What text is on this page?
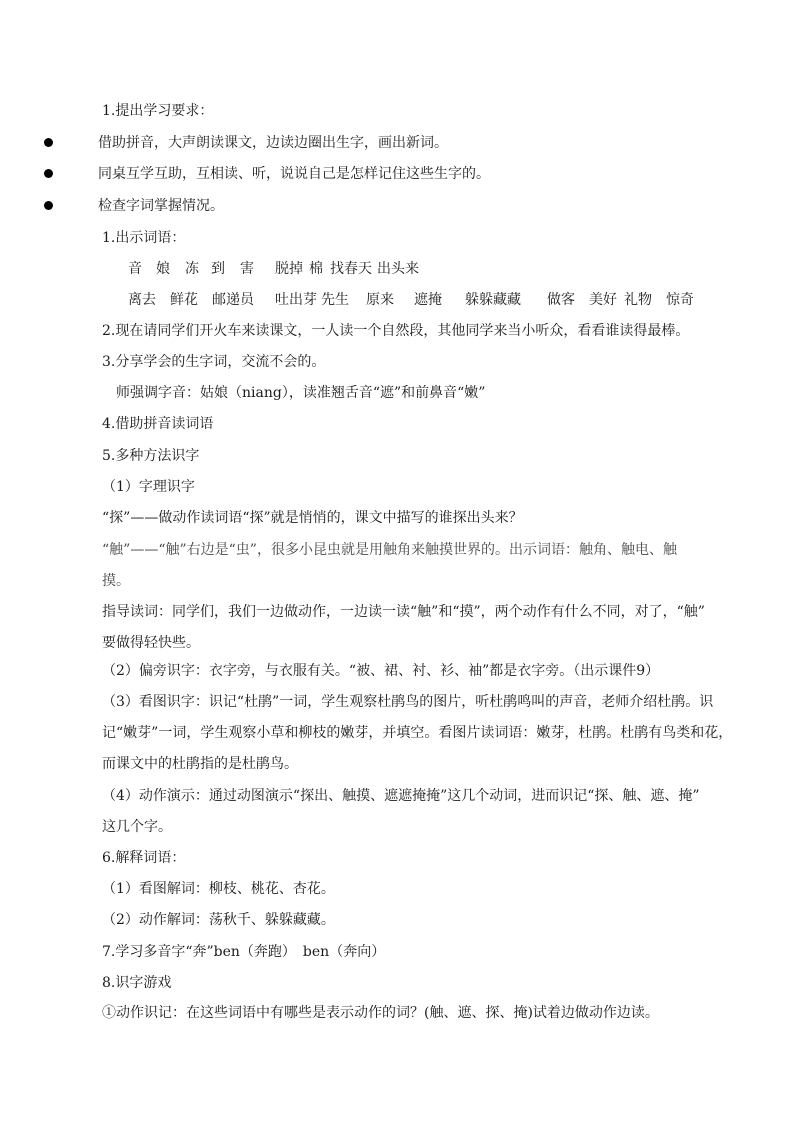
1.提出学习要求：
借助拼音，大声朗读课文，边读边圈出生字，画出新词。
同桌互学互助，互相读、听，说说自己是怎样记住这些生字的。
检查字词掌握情况。
1.出示词语：
音 娘 冻 到 害 脱掉 棉 找春天 出头来
离去 鲜花 邮递员 吐出芽 先生 原来 遮掩 躲躲藏藏 做客 美好 礼物 惊奇
2.现在请同学们开火车来读课文，一人读一个自然段，其他同学来当小听众，看看谁读得最棒。
3.分享学会的生字词，交流不会的。
师强调字音：姑娘（niang），读准翘舌音“遮”和前鼻音“嫩”
4.借助拼音读词语
5.多种方法识字
（1）字理识字
“探”——做动作读词语“探”就是悄悄的，课文中描写的谁探出头来？
“触”——“触”右边是“虫”，很多小昆虫就是用触角来触摸世界的。出示词语：触角、触电、触
摸。
指导读词：同学们，我们一边做动作，一边读一读“触”和“摸”，两个动作有什么不同，对了，“触”
要做得轻快些。
（2）偏旁识字：衣字旁，与衣服有关。“被、裙、衬、衫、袖”都是衣字旁。（出示课件9）
（3）看图识字：识记“杜鹃”一词，学生观察杜鹃鸟的图片，听杜鹃鸣叫的声音，老师介绍杜鹃。识
记“嫩芽”一词，学生观察小草和柳枝的嫩芽，并填空。看图片读词语：嫩芽，杜鹃。杜鹃有鸟类和花，
而课文中的杜鹃指的是杜鹃鸟。
（4）动作演示：通过动图演示“探出、触摸、遮遮掩掩”这几个动词，进而识记“探、触、遮、掩”
这几个字。
6.解释词语：
（1）看图解词：柳枝、桃花、杏花。
（2）动作解词：荡秋千、躲躲藏藏。
7.学习多音字“奔”ben（奔跑）　ben（奔向）
8.识字游戏
①动作识记：在这些词语中有哪些是表示动作的词？(触、遮、探、掩)试着边做动作边读。
